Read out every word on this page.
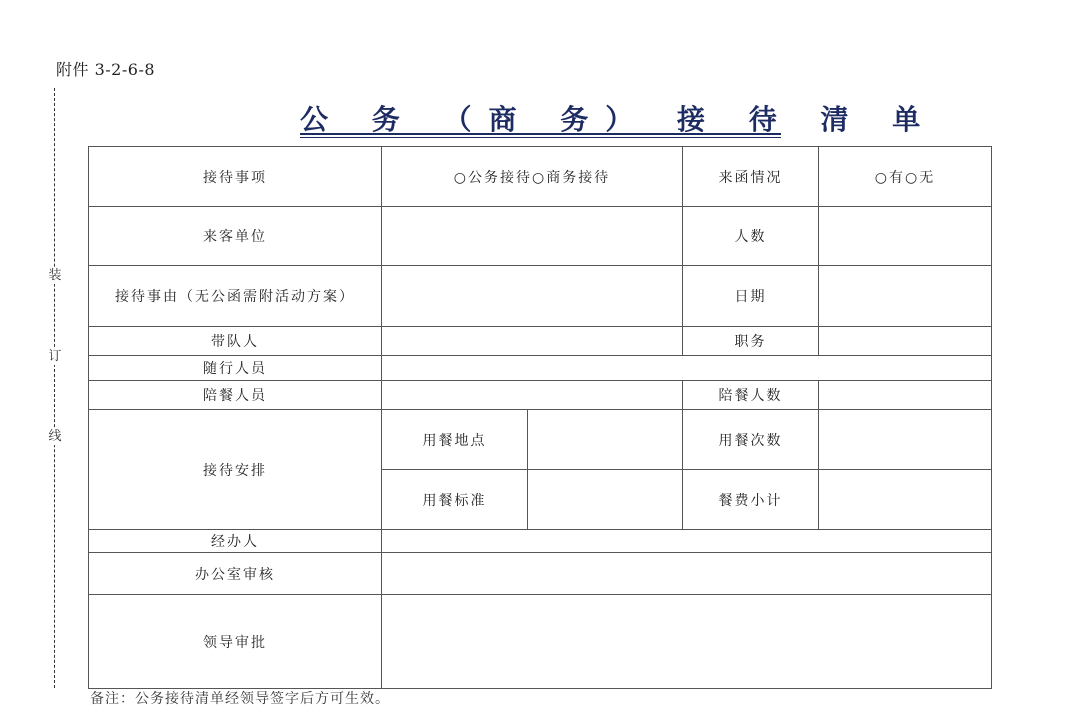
附件 3-2-6-8
装
订
线
公 务 （商 务） 接 待 清 单
接待事项	○公务接待○商务接待		来函情况	○有○无
来客单位			人数	
接待事由（无公函需附活动方案）			日期	
带队人			职务	
随行人员				
陪餐人员			陪餐人数	
接待安排	用餐地点		用餐次数	
	用餐标准		餐费小计	
经办人				
办公室审核				
领导审批				
备注：公务接待清单经领导签字后方可生效。
